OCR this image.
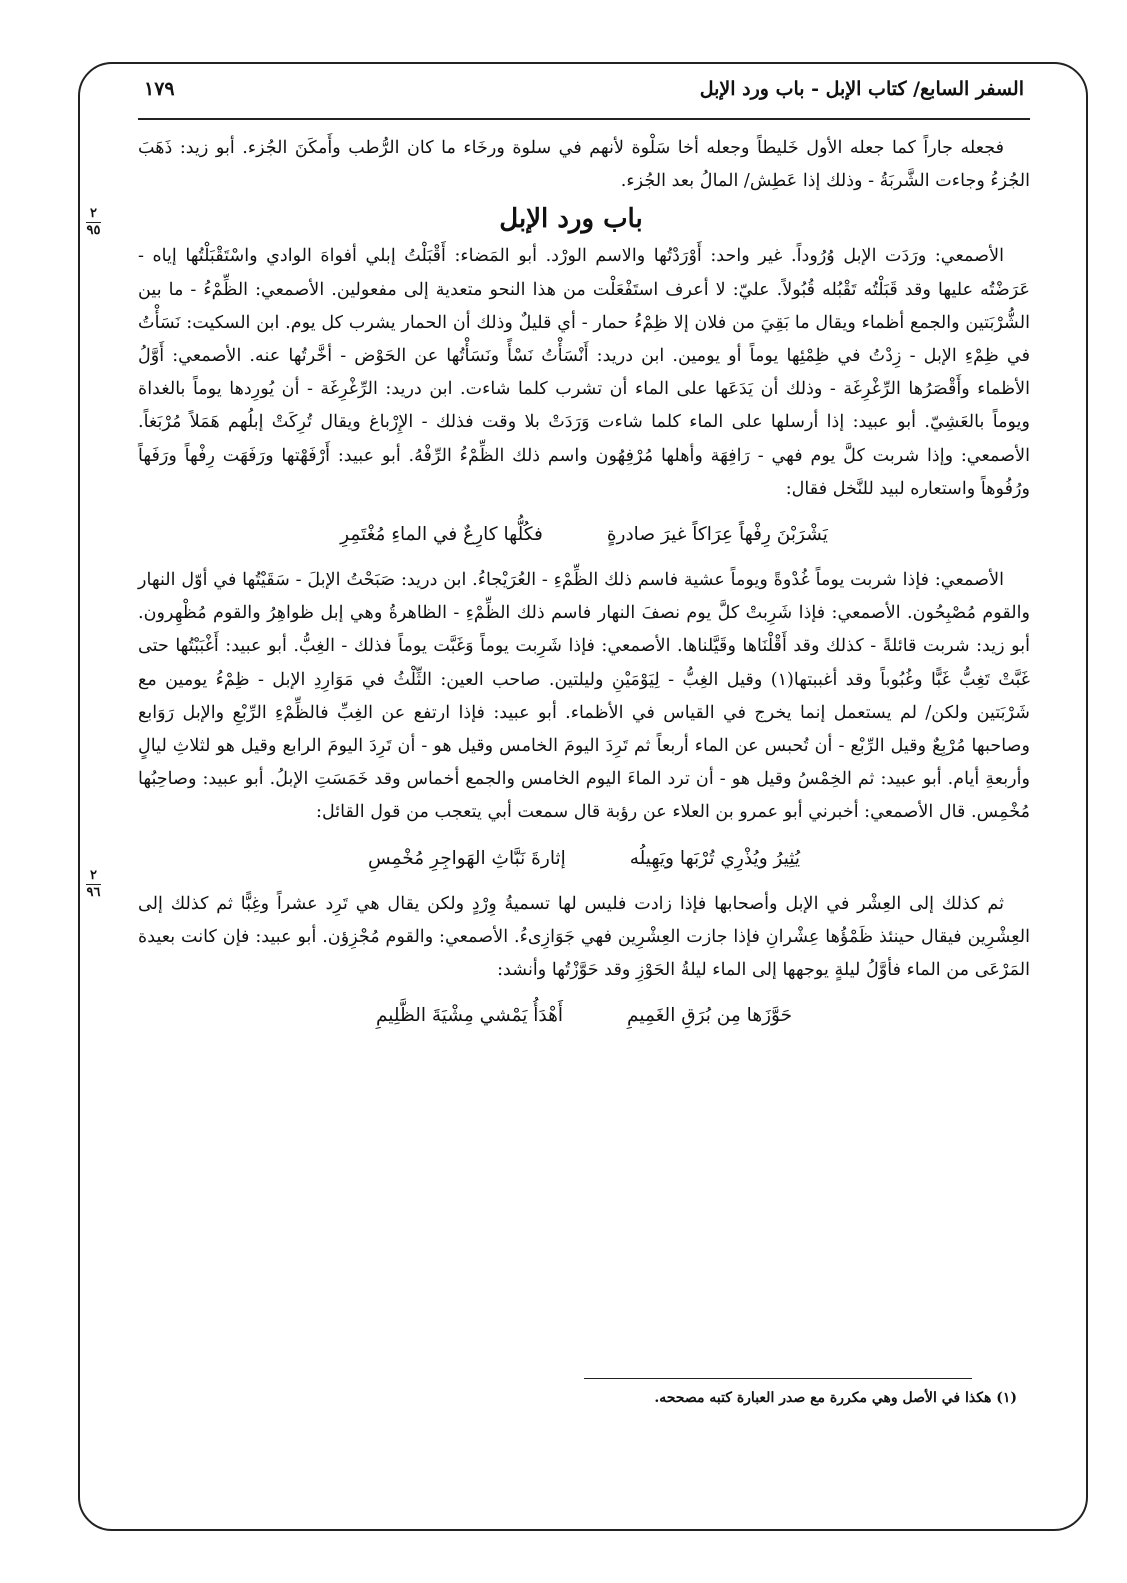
٢
٩٥
٢
٩٦
السفر السابع/ كتاب الإبل - باب ورد الإبل
١٧٩

فجعله جاراً كما جعله الأول خَليطاً وجعله أخا سَلْوة لأنهم في سلوة ورخَاء ما كان الرُّطب وأَمكَنَ الجُزء. أبو زيد: ذَهَبَ الجُزءُ وجاءت الشَّربَةُ - وذلك إذا عَطِش/ المالُ بعد الجُزء.

باب ورد الإبل

الأصمعي: ورَدَت الإبل وُرُوداً. غير واحد: أَوْرَدْتُها والاسم الورْد. أبو المَضاء: أَقْبَلْتُ إبلي أفواهَ الوادي واسْتَقْبَلْتُها إياه - عَرَضْتُه عليها وقد قَبَلْتُه تَقْبُله قُبُولاً. عليّ: لا أعرف استَفْعَلْت من هذا النحو متعدية إلى مفعولين. الأصمعي: الظِّمْءُ - ما بين الشُّرْبَتين والجمع أظماء ويقال ما بَقِيَ من فلان إلا ظِمْءُ حمار - أي قليلٌ وذلك أن الحمار يشرب كل يوم. ابن السكيت: نَسَأْتُ في ظِمْءِ الإبل - زِدْتُ في ظِمْئِها يوماً أو يومين. ابن دريد: أَنْسَأْتُ نَسْأً ونَسَأْتُها عن الحَوْض - أخَّرتُها عنه. الأصمعي: أَوَّلُ الأظماء وأَقْصَرُها الرِّغْرِغَة - وذلك أن يَدَعَها على الماء أن تشرب كلما شاءت. ابن دريد: الرِّغْرِغَة - أن يُورِدها يوماً بالغداة ويوماً بالعَشِيّ. أبو عبيد: إذا أرسلها على الماء كلما شاءت وَرَدَتْ بلا وقت فذلك - الإِرْباغ ويقال تُرِكَتْ إبلُهم هَمَلاً مُرْبَغاً. الأصمعي: وإذا شربت كلَّ يوم فهي - رَافِهَة وأهلها مُرْفِهُون واسم ذلك الظِّمْءُ الرِّفْهُ. أبو عبيد: أَرْفَهْتها ورَفَهَت رِفْهاً ورَفَهاً ورُفُوهاً واستعاره لبيد للنَّخل فقال:

يَشْرَبْنَ رِفْهاً عِرَاكاً غيرَ صادرةٍ
فكُلُّها كارِعٌ في الماءِ مُغْتَمِرِ

الأصمعي: فإذا شربت يوماً غُدْوةً ويوماً عشية فاسم ذلك الظِّمْءِ - العُرَيْجاءُ. ابن دريد: صَبَحْتُ الإبلَ - سَقَيْتُها في أوّل النهار والقوم مُصْبِحُون. الأصمعي: فإذا شَرِبتْ كلَّ يوم نصفَ النهار فاسم ذلك الظِّمْءِ - الظاهرةُ وهي إبل ظواهِرُ والقوم مُظْهِرون. أبو زيد: شربت قائلةً - كذلك وقد أَقْلْنَاها وقَيَّلناها. الأصمعي: فإذا شَرِبت يوماً وَغَبَّت يوماً فذلك - الغِبُّ. أبو عبيد: أَغْبَبْتُها حتى غَبَّتْ تَغِبُّ غَبًّا وغُبُوباً وقد أغببتها(١) وقيل الغِبُّ - لِيَوْمَيْنِ وليلتين. صاحب العين: الثِّلْثُ في مَوَارِدِ الإبل - ظِمْءُ يومين مع شَرْبَتين ولكن/ لم يستعمل إنما يخرج في القياس في الأظماء. أبو عبيد: فإذا ارتفع عن الغِبِّ فالظِّمْءِ الرِّبْعِ والإبل رَوَابع وصاحبها مُرْبِعٌ وقيل الرِّبْع - أن تُحبس عن الماء أربعاً ثم تَرِدَ اليومَ الخامس وقيل هو - أن تَرِدَ اليومَ الرابع وقيل هو لثلاثِ ليالٍ وأربعةِ أيام. أبو عبيد: ثم الخِمْسُ وقيل هو - أن ترد الماءَ اليوم الخامس والجمع أخماس وقد خَمَسَتِ الإبلُ. أبو عبيد: وصاحِبُها مُخْمِس. قال الأصمعي: أخبرني أبو عمرو بن العلاء عن رؤبة قال سمعت أبي يتعجب من قول القائل:

يُثِيرُ ويُذْرِي تُرْبَها ويَهِيلُه
إثارةَ نَبَّاثِ الهَواجِرِ مُخْمِسِ

ثم كذلك إلى العِشْر في الإبل وأصحابها فإذا زادت فليس لها تسميةُ وِرْدٍ ولكن يقال هي تَرِد عشراً وغِبًّا ثم كذلك إلى العِشْرِين فيقال حينئذ ظَمْؤُها عِشْرانِ فإذا جازت العِشْرِين فهي جَوَازِىءُ. الأصمعي: والقوم مُجْزِؤن. أبو عبيد: فإن كانت بعيدة المَرْعَى من الماء فأوَّلُ ليلةٍ يوجهها إلى الماء ليلةُ الحَوْزِ وقد حَوَّزْتُها وأنشد:

حَوَّزَها مِن بُرَقِ الغَمِيمِ
أَهْدَأُ يَمْشي مِشْيَةَ الظَّلِيمِ
(١) هكذا في الأصل وهي مكررة مع صدر العبارة كتبه مصححه.
